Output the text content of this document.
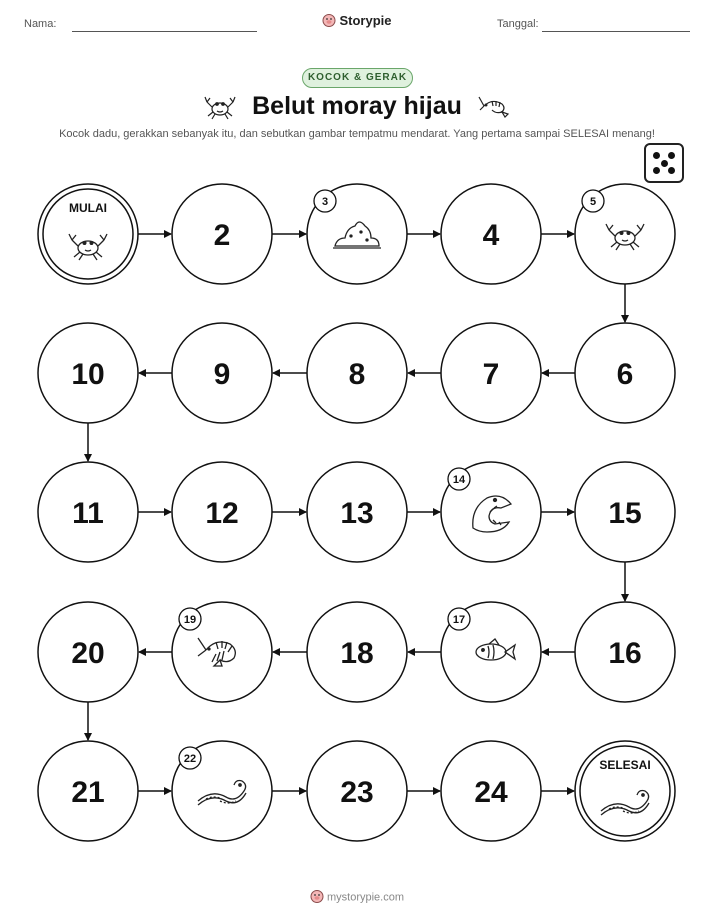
Nama:	Storypie	Tanggal:
KOCOK & GERAK
Belut moray hijau
Kocok dadu, gerakkan sebanyak itu, dan sebutkan gambar tempatmu mendarat. Yang pertama sampai SELESAI menang!
MULAI
2
3
4
5
6
7
8
9
10
11	12	13
14
15
16
17
18
19
20
21
22
23	24
SELESAI
mystorypie.com
